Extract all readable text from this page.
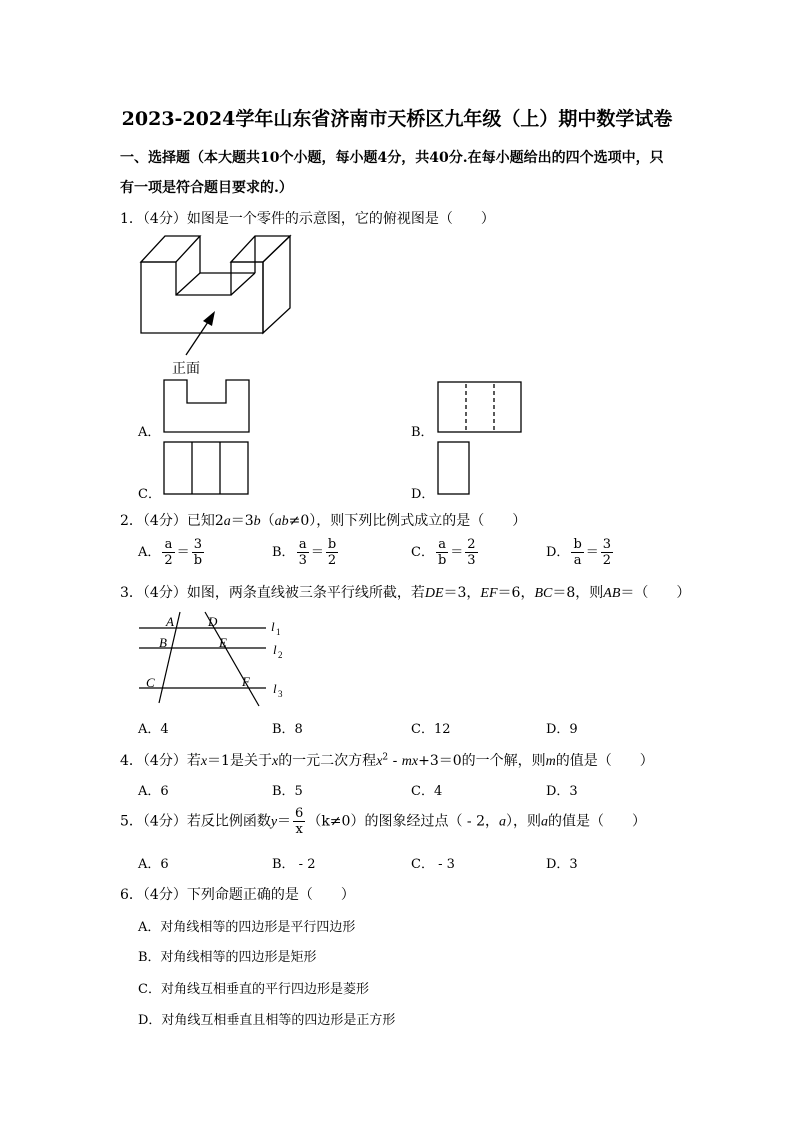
2023-2024学年山东省济南市天桥区九年级（上）期中数学试卷
一、选择题（本大题共10个小题，每小题4分，共40分.在每小题给出的四个选项中，只
有一项是符合题目要求的.）
1．（4分）如图是一个零件的示意图，它的俯视图是（　　）
正面
A．	B．
C．	D．
2．（4分）已知2a＝3b（ab≠0），则下列比例式成立的是（　　）
A． $\frac{a}{2} = \frac{3}{b}$	B． $\frac{a}{3} = \frac{b}{2}$	C． $\frac{a}{b} = \frac{2}{3}$	D． $\frac{b}{a} = \frac{3}{2}$
3．（4分）如图，两条直线被三条平行线所截，若DE＝3，EF＝6，BC＝8，则AB＝（　　）
A	D
B	E
C	F
l 1
l 2
l 3
A．4	B．8	C．12	D．9
4．（4分）若x＝1是关于x的一元二次方程$x^2 - mx+3=0$的一个解，则m的值是（　　）
A．6	B．5	C．4	D．3
5．（4分）若反比例函数$y= \frac{6}{x} (k\ne 0)$的图象经过点（ - 2，a），则a的值是（　　）
A．6	B． - 2	C． - 3	D．3
6．（4分）下列命题正确的是（　　）
A．对角线相等的四边形是平行四边形
B．对角线相等的四边形是矩形
C．对角线互相垂直的平行四边形是菱形
D．对角线互相垂直且相等的四边形是正方形
